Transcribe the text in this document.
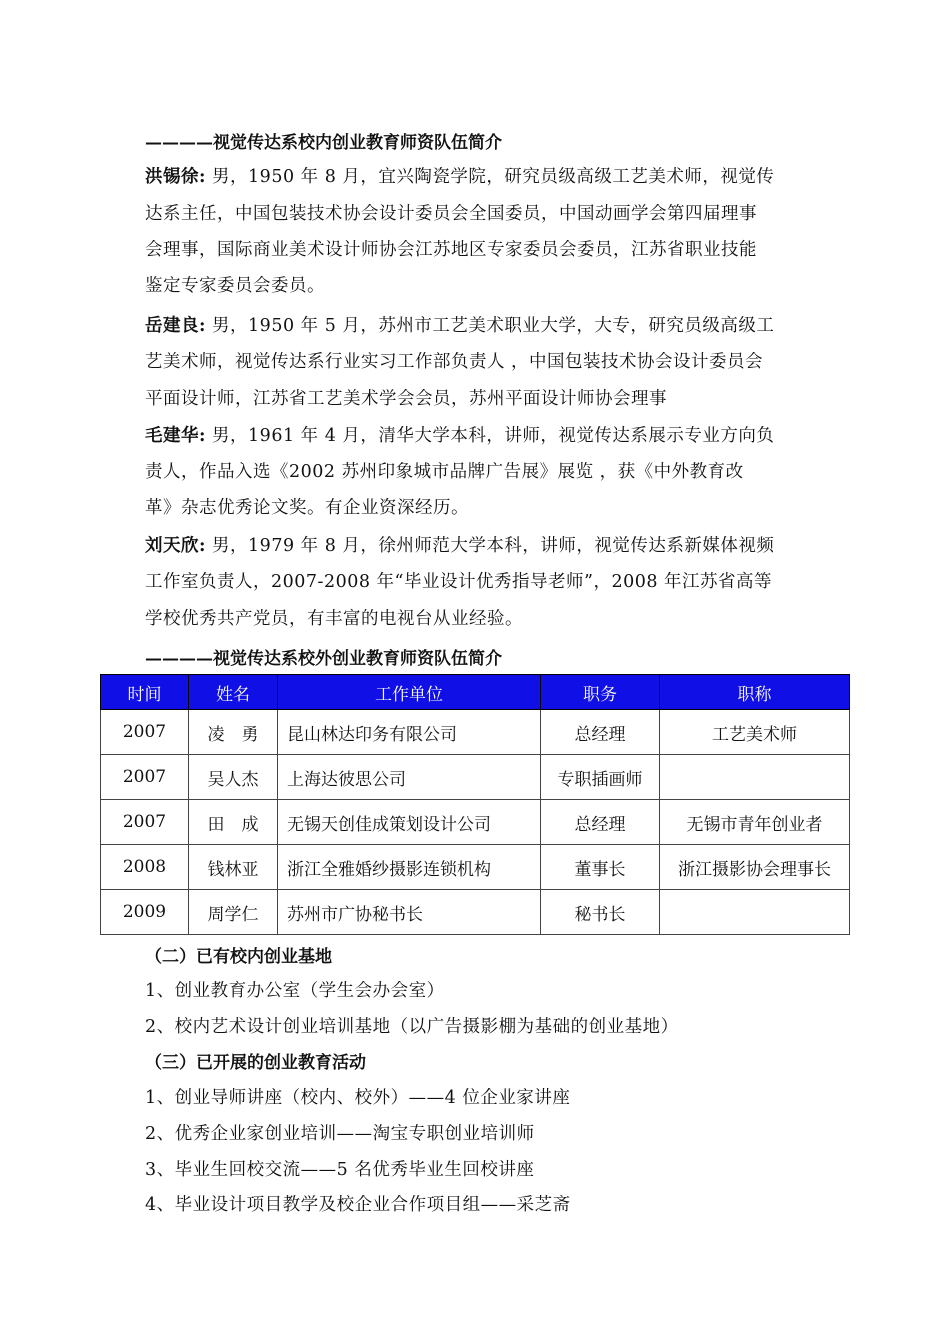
————视觉传达系校内创业教育师资队伍简介
洪锡徐: 男，1950 年 8 月，宜兴陶瓷学院，研究员级高级工艺美术师，视觉传
达系主任，中国包装技术协会设计委员会全国委员，中国动画学会第四届理事
会理事，国际商业美术设计师协会江苏地区专家委员会委员，江苏省职业技能
鉴定专家委员会委员。
岳建良: 男，1950 年 5 月，苏州市工艺美术职业大学，大专，研究员级高级工
艺美术师，视觉传达系行业实习工作部负责人 ，中国包装技术协会设计委员会
平面设计师，江苏省工艺美术学会会员，苏州平面设计师协会理事
毛建华: 男，1961 年 4 月，清华大学本科，讲师，视觉传达系展示专业方向负
责人，作品入选《2002 苏州印象城市品牌广告展》展览 ，获《中外教育改
革》杂志优秀论文奖。有企业资深经历。
刘天欣: 男，1979 年 8 月，徐州师范大学本科，讲师，视觉传达系新媒体视频
工作室负责人，2007-2008 年“毕业设计优秀指导老师”，2008 年江苏省高等
学校优秀共产党员，有丰富的电视台从业经验。
————视觉传达系校外创业教育师资队伍简介
时间	姓名	工作单位	职务	职称
2007	凌　勇	昆山林达印务有限公司	总经理	工艺美术师
2007	吴人杰	上海达彼思公司	专职插画师	
2007	田　成	无锡天创佳成策划设计公司	总经理	无锡市青年创业者
2008	钱林亚	浙江全雅婚纱摄影连锁机构	董事长	浙江摄影协会理事长
2009	周学仁	苏州市广协秘书长	秘书长	
（二）已有校内创业基地
1、创业教育办公室（学生会办会室）
2、校内艺术设计创业培训基地（以广告摄影棚为基础的创业基地）
（三）已开展的创业教育活动
1、创业导师讲座（校内、校外）——4 位企业家讲座
2、优秀企业家创业培训——淘宝专职创业培训师
3、毕业生回校交流——5 名优秀毕业生回校讲座
4、毕业设计项目教学及校企业合作项目组——采芝斋
